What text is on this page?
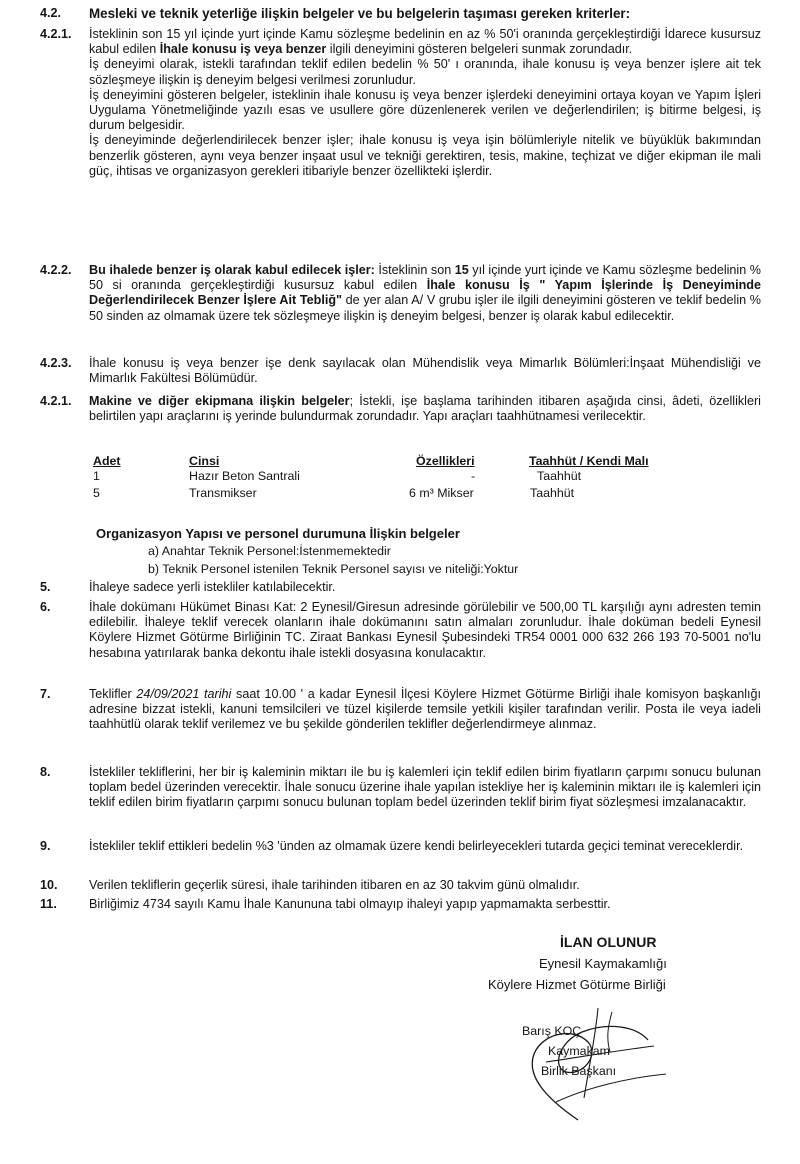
4.2. Mesleki ve teknik yeterliğe ilişkin belgeler ve bu belgelerin taşıması gereken kriterler:

4.2.1. İsteklinin son 15 yıl içinde yurt içinde Kamu sözleşme bedelinin en az % 50'i oranında gerçekleştirdiği İdarece kusursuz kabul edilen İhale konusu iş veya benzer ilgili deneyimini gösteren belgeleri sunmak zorundadır.

İş deneyimi olarak, istekli tarafından teklif edilen bedelin % 50' ı oranında, ihale konusu iş veya benzer işlere ait tek sözleşmeye ilişkin iş deneyim belgesi verilmesi zorunludur.

İş deneyimini gösteren belgeler, isteklinin ihale konusu iş veya benzer işlerdeki deneyimini ortaya koyan ve Yapım İşleri Uygulama Yönetmeliğinde yazılı esas ve usullere göre düzenlenerek verilen ve değerlendirilen; iş bitirme belgesi, iş durum belgesidir.

İş deneyiminde değerlendirilecek benzer işler; ihale konusu iş veya işin bölümleriyle nitelik ve büyüklük bakımından benzerlik gösteren, aynı veya benzer inşaat usul ve tekniği gerektiren, tesis, makine, teçhizat ve diğer ekipman ile mali güç, ihtisas ve organizasyon gerekleri itibariyle benzer özellikteki işlerdir.

4.2.2. Bu ihalede benzer iş olarak kabul edilecek işler: İsteklinin son 15 yıl içinde yurt içinde ve Kamu sözleşme bedelinin % 50 si oranında gerçekleştirdiği kusursuz kabul edilen İhale konusu İş " Yapım İşlerinde İş Deneyiminde Değerlendirilecek Benzer İşlere Ait Tebliğ" de yer alan A/ V grubu işler ile ilgili deneyimini gösteren ve teklif bedelin % 50 sinden az olmamak üzere tek sözleşmeye ilişkin iş deneyim belgesi, benzer iş olarak kabul edilecektir.

4.2.3. İhale konusu iş veya benzer işe denk sayılacak olan Mühendislik veya Mimarlık Bölümleri:İnşaat Mühendisliği ve Mimarlık Fakültesi Bölümüdür.

4.2.1. Makine ve diğer ekipmana ilişkin belgeler; İstekli, işe başlama tarihinden itibaren aşağıda cinsi, âdeti, özellikleri belirtilen yapı araçlarını iş yerinde bulundurmak zorundadır. Yapı araçları taahhütnamesi verilecektir.

Adet	Cinsi	Özellikleri	Taahhüt / Kendi Malı
1	Hazır Beton Santrali	-	Taahhüt
5	Transmikser	6 m³ Mikser	Taahhüt
Organizasyon Yapısı ve personel durumuna İlişkin belgeler
a) Anahtar Teknik Personel:İstenmemektedir
b) Teknik Personel istenilen Teknik Personel sayısı ve niteliği:Yoktur
5.	İhaleye sadece yerli istekliler katılabilecektir.

6.	İhale dokümanı Hükümet Binası Kat: 2 Eynesil/Giresun adresinde görülebilir ve 500,00 TL karşılığı aynı adresten temin edilebilir. İhaleye teklif verecek olanların ihale dokümanını satın almaları zorunludur. İhale doküman bedeli Eynesil Köylere Hizmet Götürme Birliğinin TC. Ziraat Bankası Eynesil Şubesindeki TR54 0001 000 632 266 193 70-5001 no'lu hesabına yatırılarak banka dekontu ihale istekli dosyasına konulacaktır.

7.	Teklifler 24/09/2021 tarihi saat 10.00 ' a kadar Eynesil İlçesi Köylere Hizmet Götürme Birliği ihale komisyon başkanlığı adresine bizzat istekli, kanuni temsilcileri ve tüzel kişilerde temsile yetkili kişiler tarafından verilir. Posta ile veya iadeli taahhütlü olarak teklif verilemez ve bu şekilde gönderilen teklifler değerlendirmeye alınmaz.

8.	İstekliler tekliflerini, her bir iş kaleminin miktarı ile bu iş kalemleri için teklif edilen birim fiyatların çarpımı sonucu bulunan toplam bedel üzerinden verecektir. İhale sonucu üzerine ihale yapılan istekliye her iş kaleminin miktarı ile iş kalemleri için teklif edilen birim fiyatların çarpımı sonucu bulunan toplam bedel üzerinden teklif birim fiyat sözleşmesi imzalanacaktır.

9.	İstekliler teklif ettikleri bedelin %3 'ünden az olmamak üzere kendi belirleyecekleri tutarda geçici teminat vereceklerdir.

10. Verilen tekliflerin geçerlik süresi, ihale tarihinden itibaren en az 30 takvim günü olmalıdır.

11.	Birliğimiz 4734 sayılı Kamu İhale Kanununa tabi olmayıp ihaleyi yapıp yapmamakta serbesttir.

İLAN OLUNUR
Eynesil Kaymakamlığı
Köylere Hizmet Götürme Birliği
Barış KOÇ
Kaymakam
Birlik Başkanı
